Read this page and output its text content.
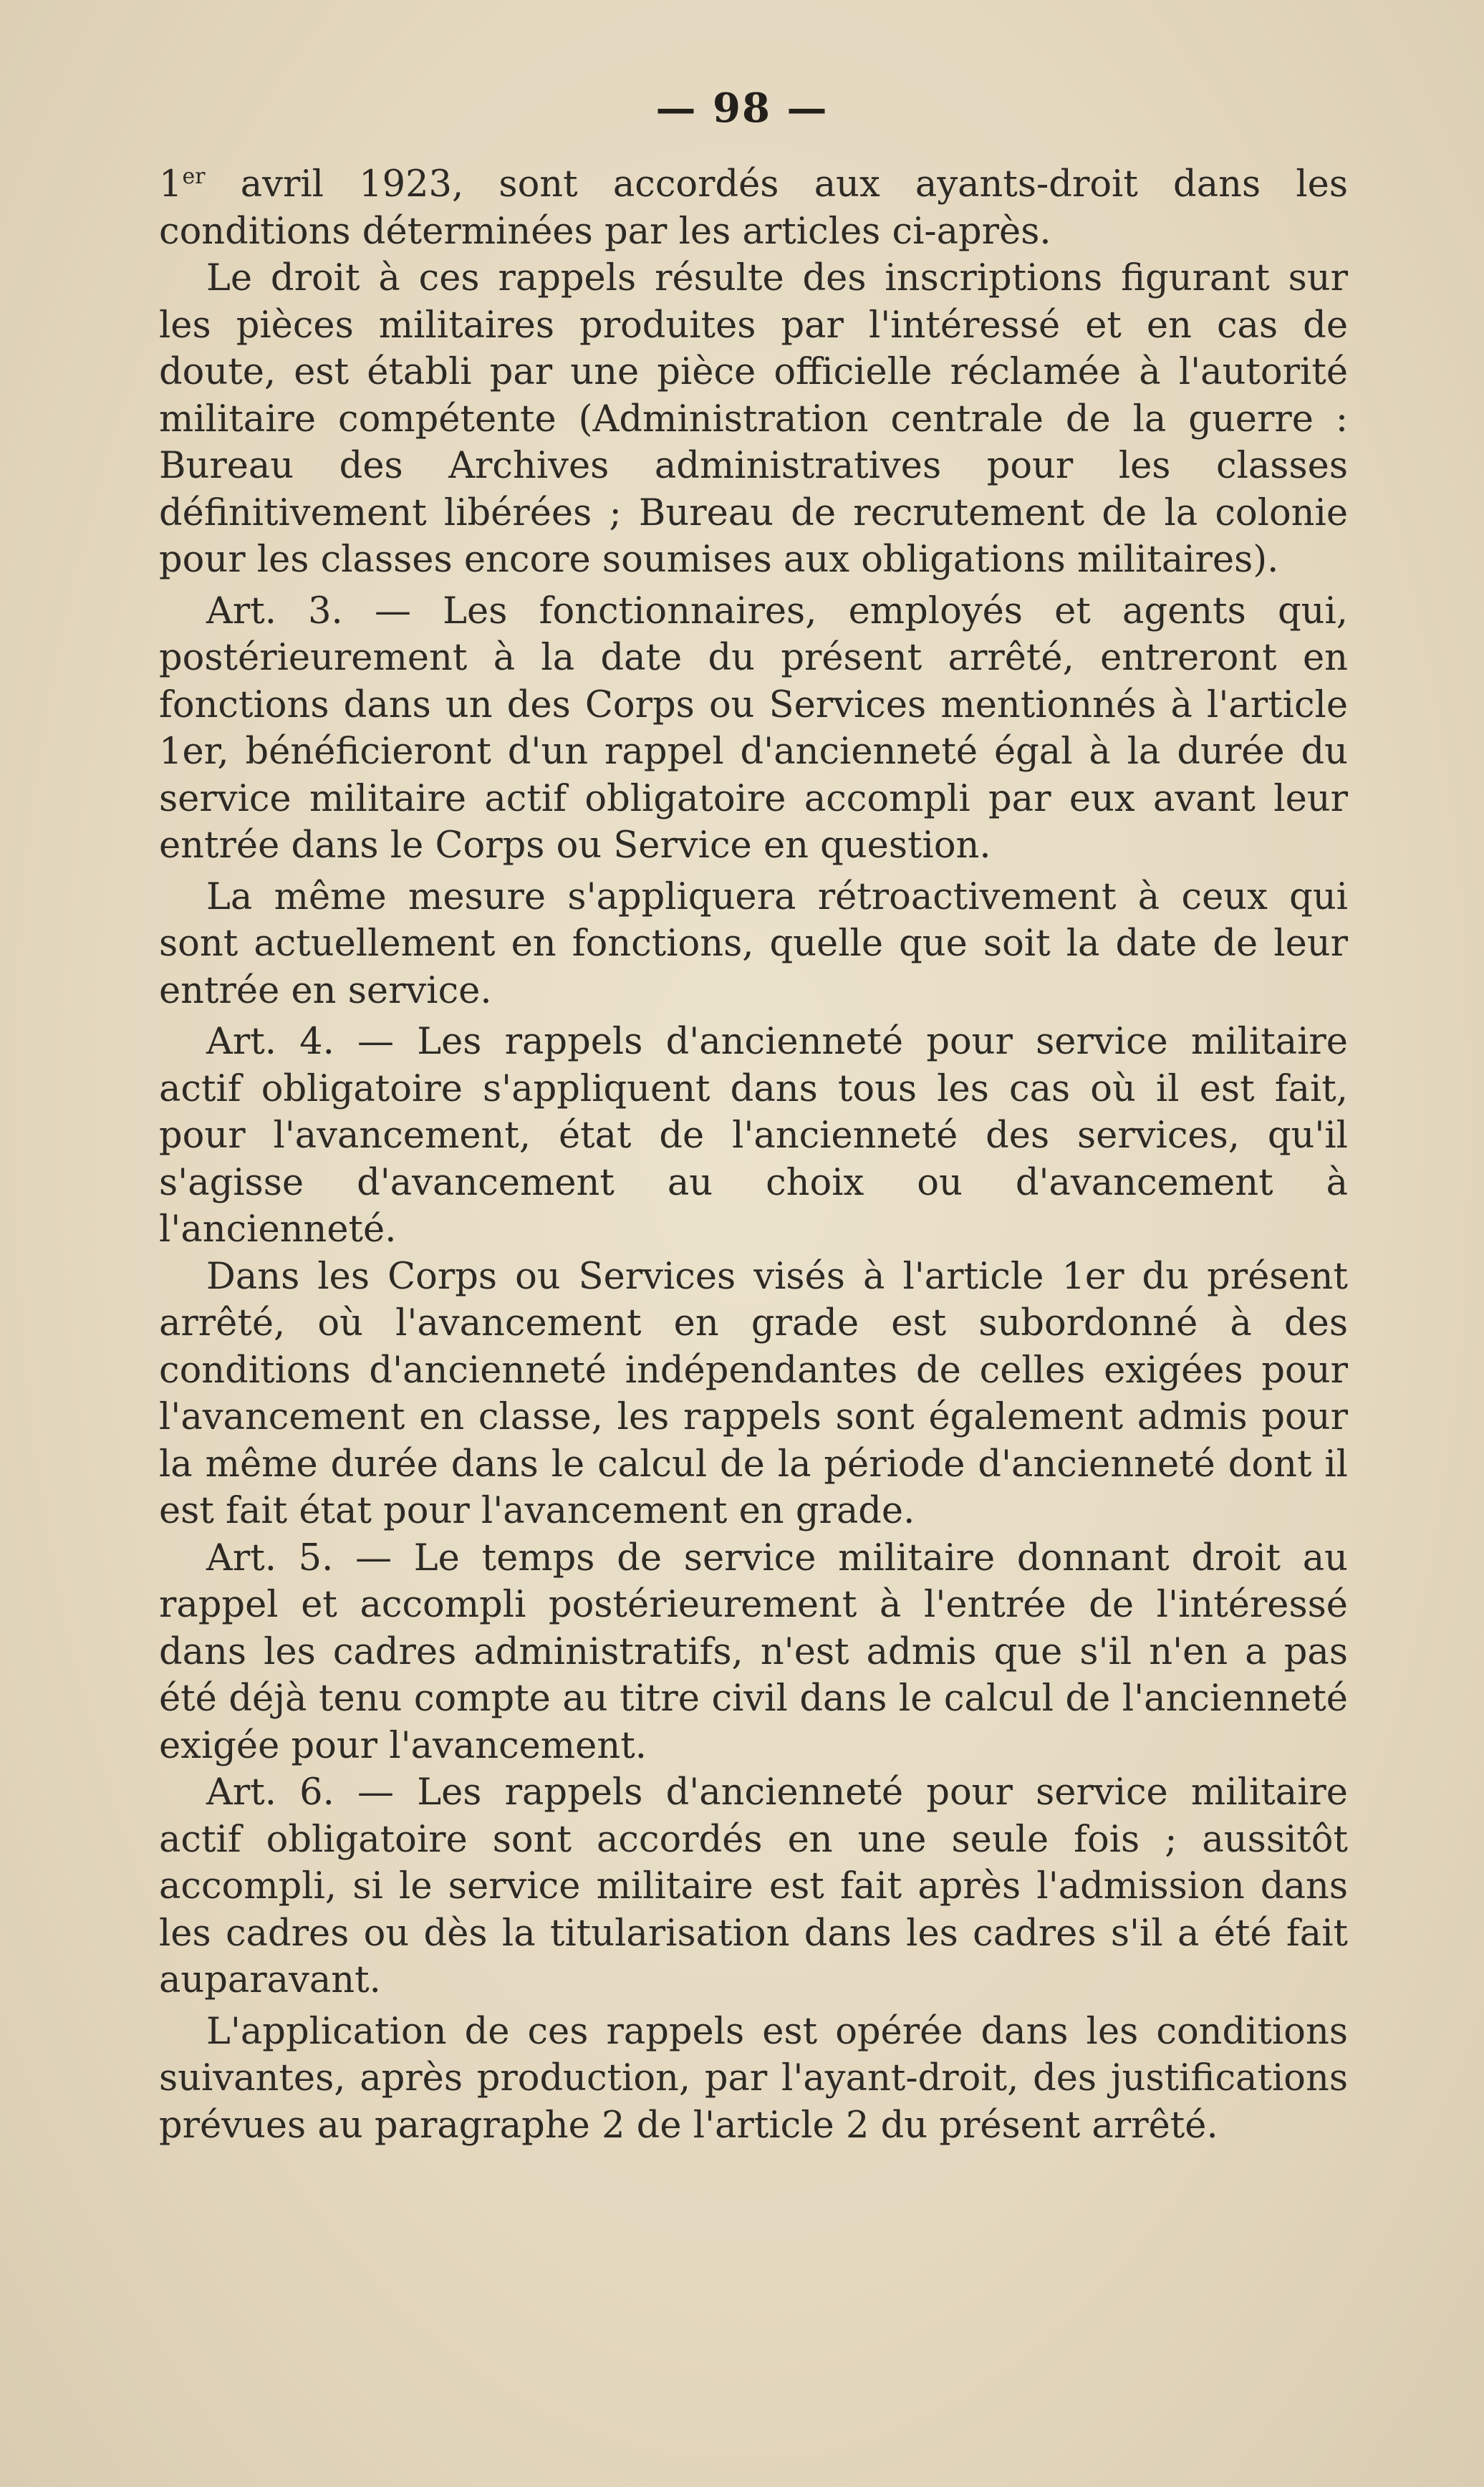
— 98 —

1er avril 1923, sont accordés aux ayants-droit dans les conditions déterminées par les articles ci-après.

Le droit à ces rappels résulte des inscriptions figurant sur les pièces militaires produites par l'intéressé et en cas de doute, est établi par une pièce officielle réclamée à l'autorité militaire compétente (Administration centrale de la guerre : Bureau des Archives administratives pour les classes définitivement libérées ; Bureau de recrutement de la colonie pour les classes encore soumises aux obligations militaires).

Art. 3. — Les fonctionnaires, employés et agents qui, postérieurement à la date du présent arrêté, entreront en fonctions dans un des Corps ou Services mentionnés à l'article 1er, bénéficieront d'un rappel d'ancienneté égal à la durée du service militaire actif obligatoire accompli par eux avant leur entrée dans le Corps ou Service en question.

La même mesure s'appliquera rétroactivement à ceux qui sont actuellement en fonctions, quelle que soit la date de leur entrée en service.

Art. 4. — Les rappels d'ancienneté pour service militaire actif obligatoire s'appliquent dans tous les cas où il est fait, pour l'avancement, état de l'ancienneté des services, qu'il s'agisse d'avancement au choix ou d'avancement à l'ancienneté.

Dans les Corps ou Services visés à l'article 1er du présent arrêté, où l'avancement en grade est subordonné à des conditions d'ancienneté indépendantes de celles exigées pour l'avancement en classe, les rappels sont également admis pour la même durée dans le calcul de la période d'ancienneté dont il est fait état pour l'avancement en grade.

Art. 5. — Le temps de service militaire donnant droit au rappel et accompli postérieurement à l'entrée de l'intéressé dans les cadres administratifs, n'est admis que s'il n'en a pas été déjà tenu compte au titre civil dans le calcul de l'ancienneté exigée pour l'avancement.

Art. 6. — Les rappels d'ancienneté pour service militaire actif obligatoire sont accordés en une seule fois ; aussitôt accompli, si le service militaire est fait après l'admission dans les cadres ou dès la titularisation dans les cadres s'il a été fait auparavant.

L'application de ces rappels est opérée dans les conditions suivantes, après production, par l'ayant-droit, des justifications prévues au paragraphe 2 de l'article 2 du présent arrêté.
